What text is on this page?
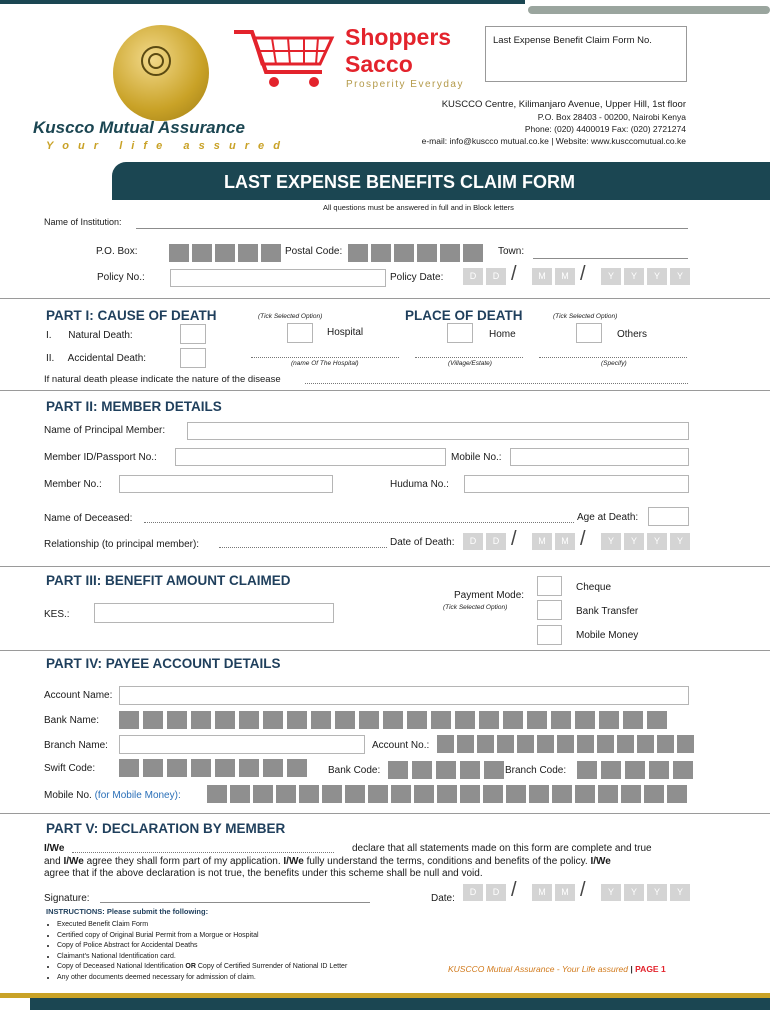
Shoppers
Sacco
Prosperity Everyday
Last Expense Benefit Claim Form No.
Kuscco Mutual Assurance
Y o u r   l i f e   a s s u r e d
KUSCCO Centre, Kilimanjaro Avenue, Upper Hill, 1st floor
P.O. Box 28403 - 00200, Nairobi Kenya
Phone: (020) 4400019 Fax: (020) 2721274
e-mail: info@kuscco mutual.co.ke | Website: www.kusccomutual.co.ke
LAST EXPENSE BENEFITS CLAIM FORM
All questions must be answered in full and in Block letters
Name of Institution:
P.O. Box:	Postal Code:	Town:
Policy No.:	Policy Date:	D	D /	M	M /	Y	Y	Y	Y
PART I: CAUSE OF DEATH	(Tick Selected Option)
I.      Natural Death:
II.     Accidental Death:
PLACE OF DEATH	(Tick Selected Option)
Hospital	Home	Others
(name Of The Hospital)	(Village/Estate)	(Specify)
If natural death please indicate the nature of the disease
PART II: MEMBER DETAILS
Name of Principal Member:
Member ID/Passport No.:	Mobile No.:
Member No.:	Huduma No.:
Name of Deceased:	Age at Death:
Relationship (to principal member):	Date of Death:	D	D /	M	M /	Y	Y	Y	Y
PART III: BENEFIT AMOUNT CLAIMED
KES.:
Payment Mode:
(Tick Selected Option)
Cheque
Bank Transfer
Mobile Money
PART IV: PAYEE ACCOUNT DETAILS
Account Name:
Bank Name:
Branch Name:	Account No.:
Swift Code:	Bank Code:	Branch Code:
Mobile No. (for Mobile Money):
PART V: DECLARATION BY MEMBER
I/We	declare that all statements made on this form are complete and true
and I/We agree they shall form part of my application. I/We fully understand the terms, conditions and benefits of the policy. I/We
agree that if the above declaration is not true, the benefits under this scheme shall be null and void.
Signature:	Date:
D	D /	M	M /	Y	Y	Y	Y
INSTRUCTIONS: Please submit the following:
• Executed Benefit Claim Form
• Certified copy of Original Burial Permit from a Morgue or Hospital
• Copy of Police Abstract for Accidental Deaths
• Claimant's National Identification card.
• Copy of Deceased National Identification OR Copy of Certified Surrender of National ID Letter
• Any other documents deemed necessary for admission of claim.
KUSCCO Mutual Assurance - Your Life assured | PAGE 1
